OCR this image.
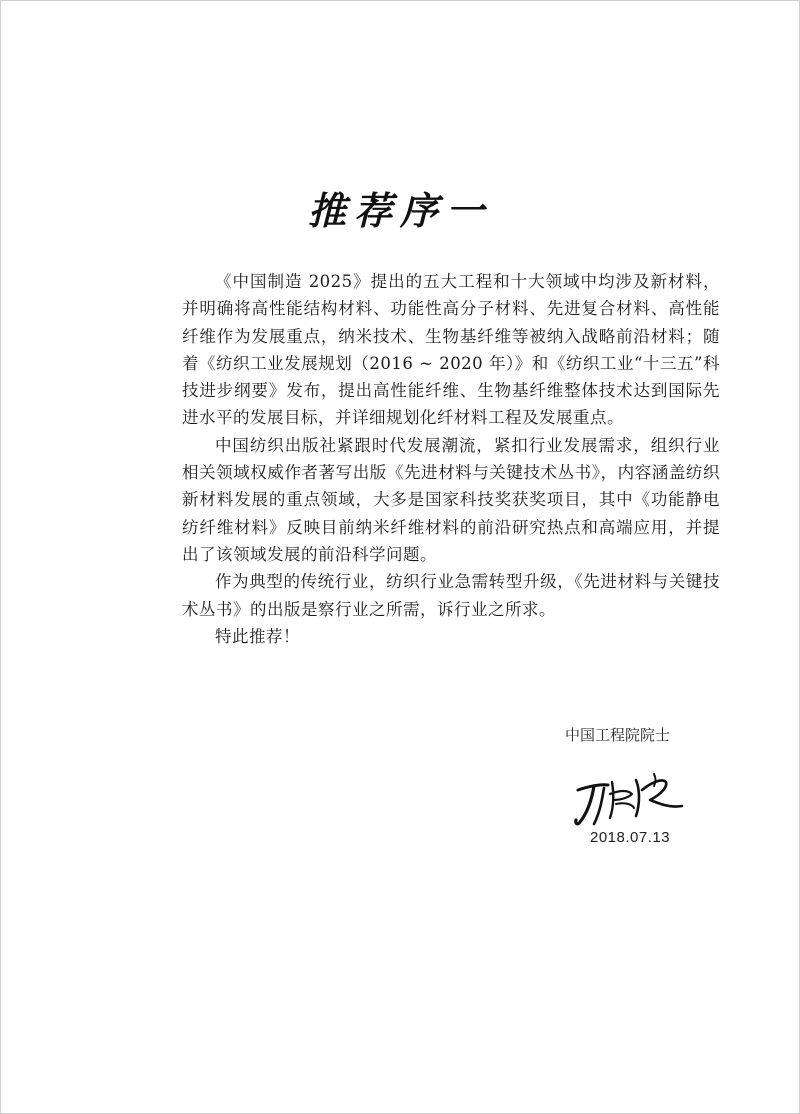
推荐序一

《中国制造 2025》提出的五大工程和十大领域中均涉及新材料，并明确将高性能结构材料、功能性高分子材料、先进复合材料、高性能纤维作为发展重点，纳米技术、生物基纤维等被纳入战略前沿材料；随着《纺织工业发展规划（2016 ~ 2020 年）》和《纺织工业“十三五”科技进步纲要》发布，提出高性能纤维、生物基纤维整体技术达到国际先进水平的发展目标，并详细规划化纤材料工程及发展重点。

中国纺织出版社紧跟时代发展潮流，紧扣行业发展需求，组织行业相关领域权威作者著写出版《先进材料与关键技术丛书》，内容涵盖纺织新材料发展的重点领域，大多是国家科技奖获奖项目，其中《功能静电纺纤维材料》反映目前纳米纤维材料的前沿研究热点和高端应用，并提出了该领域发展的前沿科学问题。

作为典型的传统行业，纺织行业急需转型升级，《先进材料与关键技术丛书》的出版是察行业之所需，诉行业之所求。

特此推荐！

中国工程院院士
2018.07.13
